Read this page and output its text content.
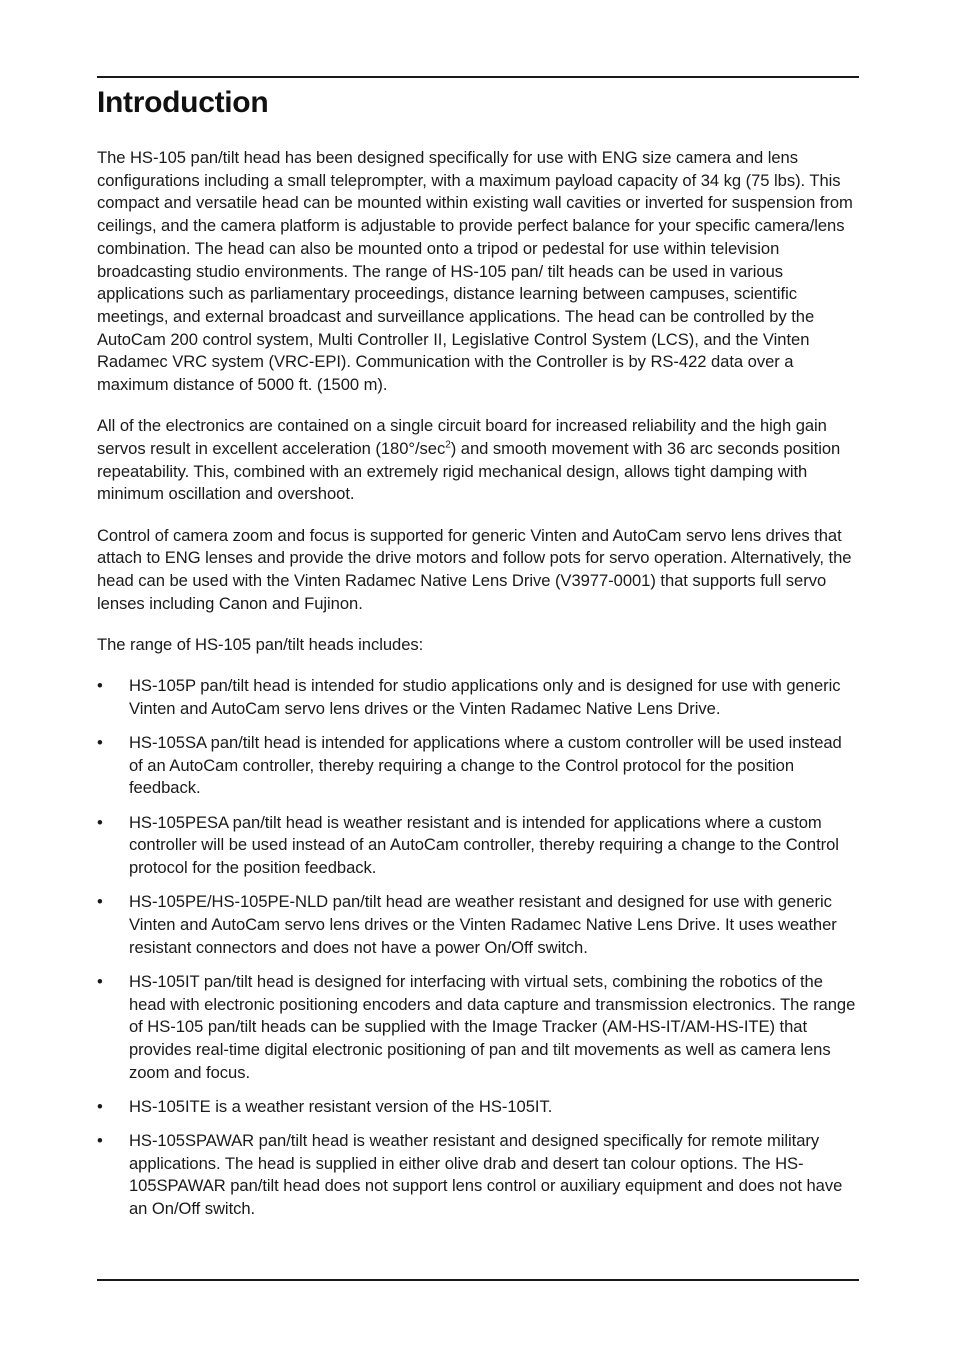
Introduction

The HS-105 pan/tilt head has been designed specifically for use with ENG size camera and lens configurations including a small teleprompter, with a maximum payload capacity of 34 kg (75 lbs). This compact and versatile head can be mounted within existing wall cavities or inverted for suspension from ceilings, and the camera platform is adjustable to provide perfect balance for your specific camera/lens combination. The head can also be mounted onto a tripod or pedestal for use within television broadcasting studio environments. The range of HS-105 pan/ tilt heads can be used in various applications such as parliamentary proceedings, distance learning between campuses, scientific meetings, and external broadcast and surveillance applications. The head can be controlled by the AutoCam 200 control system, Multi Controller II, Legislative Control System (LCS), and the Vinten Radamec VRC system (VRC-EPI). Communication with the Controller is by RS-422 data over a maximum distance of 5000 ft. (1500 m).

All of the electronics are contained on a single circuit board for increased reliability and the high gain servos result in excellent acceleration $(180^\circ/\sec^2)$ and smooth movement with 36 arc seconds position repeatability. This, combined with an extremely rigid mechanical design, allows tight damping with minimum oscillation and overshoot.

Control of camera zoom and focus is supported for generic Vinten and AutoCam servo lens drives that attach to ENG lenses and provide the drive motors and follow pots for servo operation. Alternatively, the head can be used with the Vinten Radamec Native Lens Drive (V3977-0001) that supports full servo lenses including Canon and Fujinon.

The range of HS-105 pan/tilt heads includes:

• HS-105P pan/tilt head is intended for studio applications only and is designed for use with generic Vinten and AutoCam servo lens drives or the Vinten Radamec Native Lens Drive.
• HS-105SA pan/tilt head is intended for applications where a custom controller will be used instead of an AutoCam controller, thereby requiring a change to the Control protocol for the position feedback.
• HS-105PESA pan/tilt head is weather resistant and is intended for applications where a custom controller will be used instead of an AutoCam controller, thereby requiring a change to the Control protocol for the position feedback.
• HS-105PE/HS-105PE-NLD pan/tilt head are weather resistant and designed for use with generic Vinten and AutoCam servo lens drives or the Vinten Radamec Native Lens Drive. It uses weather resistant connectors and does not have a power On/Off switch.
• HS-105IT pan/tilt head is designed for interfacing with virtual sets, combining the robotics of the head with electronic positioning encoders and data capture and transmission electronics. The range of HS-105 pan/tilt heads can be supplied with the Image Tracker (AM-HS-IT/AM-HS-ITE) that provides real-time digital electronic positioning of pan and tilt movements as well as camera lens zoom and focus.
• HS-105ITE is a weather resistant version of the HS-105IT.
• HS-105SPAWAR pan/tilt head is weather resistant and designed specifically for remote military applications. The head is supplied in either olive drab and desert tan colour options. The HS-105SPAWAR pan/tilt head does not support lens control or auxiliary equipment and does not have an On/Off switch.
